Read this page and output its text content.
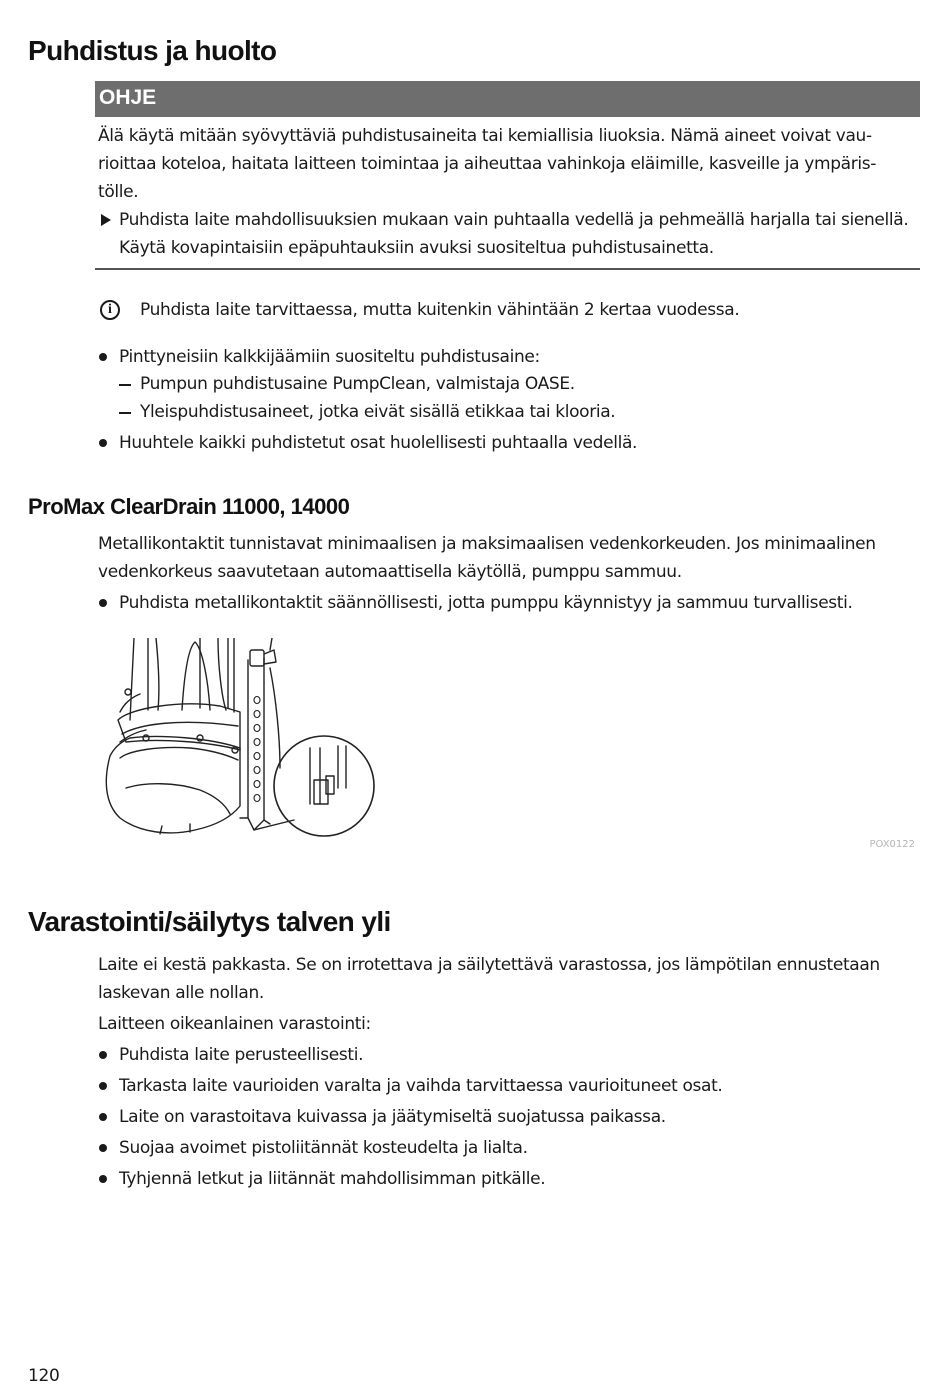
Puhdistus ja huolto
OHJE

Älä käytä mitään syövyttäviä puhdistusaineita tai kemiallisia liuoksia. Nämä aineet voivat vau-

rioittaa koteloa, haitata laitteen toimintaa ja aiheuttaa vahinkoja eläimille, kasveille ja ympäris-

tölle.

Puhdista laite mahdollisuuksien mukaan vain puhtaalla vedellä ja pehmeällä harjalla tai sienellä.

Käytä kovapintaisiin epäpuhtauksiin avuksi suositeltua puhdistusainetta.

i	Puhdista laite tarvittaessa, mutta kuitenkin vähintään 2 kertaa vuodessa.

Pinttyneisiin kalkkijäämiin suositeltu puhdistusaine:

Pumpun puhdistusaine PumpClean, valmistaja OASE.

Yleispuhdistusaineet, jotka eivät sisällä etikkaa tai klooria.

Huuhtele kaikki puhdistetut osat huolellisesti puhtaalla vedellä.

ProMax ClearDrain 11000, 14000

Metallikontaktit tunnistavat minimaalisen ja maksimaalisen vedenkorkeuden. Jos minimaalinen

vedenkorkeus saavutetaan automaattisella käytöllä, pumppu sammuu.

Puhdista metallikontaktit säännöllisesti, jotta pumppu käynnistyy ja sammuu turvallisesti.

POX0122
Varastointi/säilytys talven yli

Laite ei kestä pakkasta. Se on irrotettava ja säilytettävä varastossa, jos lämpötilan ennustetaan

laskevan alle nollan.

Laitteen oikeanlainen varastointi:

Puhdista laite perusteellisesti.

Tarkasta laite vaurioiden varalta ja vaihda tarvittaessa vaurioituneet osat.

Laite on varastoitava kuivassa ja jäätymiseltä suojatussa paikassa.

Suojaa avoimet pistoliitännät kosteudelta ja lialta.

Tyhjennä letkut ja liitännät mahdollisimman pitkälle.

120
